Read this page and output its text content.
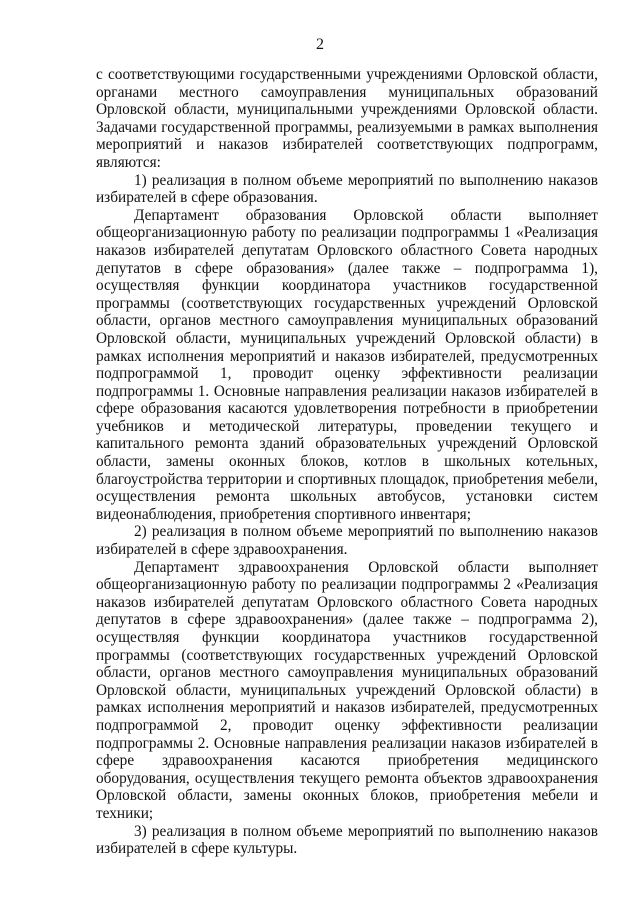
2

с соответствующими государственными учреждениями Орловской области, органами местного самоуправления муниципальных образований Орловской области, муниципальными учреждениями Орловской области. Задачами государственной программы, реализуемыми в рамках выполнения мероприятий и наказов избирателей соответствующих подпрограмм, являются:

1) реализация в полном объеме мероприятий по выполнению наказов избирателей в сфере образования.

Департамент образования Орловской области выполняет общеорганизационную работу по реализации подпрограммы 1 «Реализация наказов избирателей депутатам Орловского областного Совета народных депутатов в сфере образования» (далее также – подпрограмма 1), осуществляя функции координатора участников государственной программы (соответствующих государственных учреждений Орловской области, органов местного самоуправления муниципальных образований Орловской области, муниципальных учреждений Орловской области) в рамках исполнения мероприятий и наказов избирателей, предусмотренных подпрограммой 1, проводит оценку эффективности реализации подпрограммы 1. Основные направления реализации наказов избирателей в сфере образования касаются удовлетворения потребности в приобретении учебников и методической литературы, проведении текущего и капитального ремонта зданий образовательных учреждений Орловской области, замены оконных блоков, котлов в школьных котельных, благоустройства территории и спортивных площадок, приобретения мебели, осуществления ремонта школьных автобусов, установки систем видеонаблюдения, приобретения спортивного инвентаря;

2) реализация в полном объеме мероприятий по выполнению наказов избирателей в сфере здравоохранения.

Департамент здравоохранения Орловской области выполняет общеорганизационную работу по реализации подпрограммы 2 «Реализация наказов избирателей депутатам Орловского областного Совета народных депутатов в сфере здравоохранения» (далее также – подпрограмма 2), осуществляя функции координатора участников государственной программы (соответствующих государственных учреждений Орловской области, органов местного самоуправления муниципальных образований Орловской области, муниципальных учреждений Орловской области) в рамках исполнения мероприятий и наказов избирателей, предусмотренных подпрограммой 2, проводит оценку эффективности реализации подпрограммы 2. Основные направления реализации наказов избирателей в сфере здравоохранения касаются приобретения медицинского оборудования, осуществления текущего ремонта объектов здравоохранения Орловской области, замены оконных блоков, приобретения мебели и техники;

3) реализация в полном объеме мероприятий по выполнению наказов избирателей в сфере культуры.
